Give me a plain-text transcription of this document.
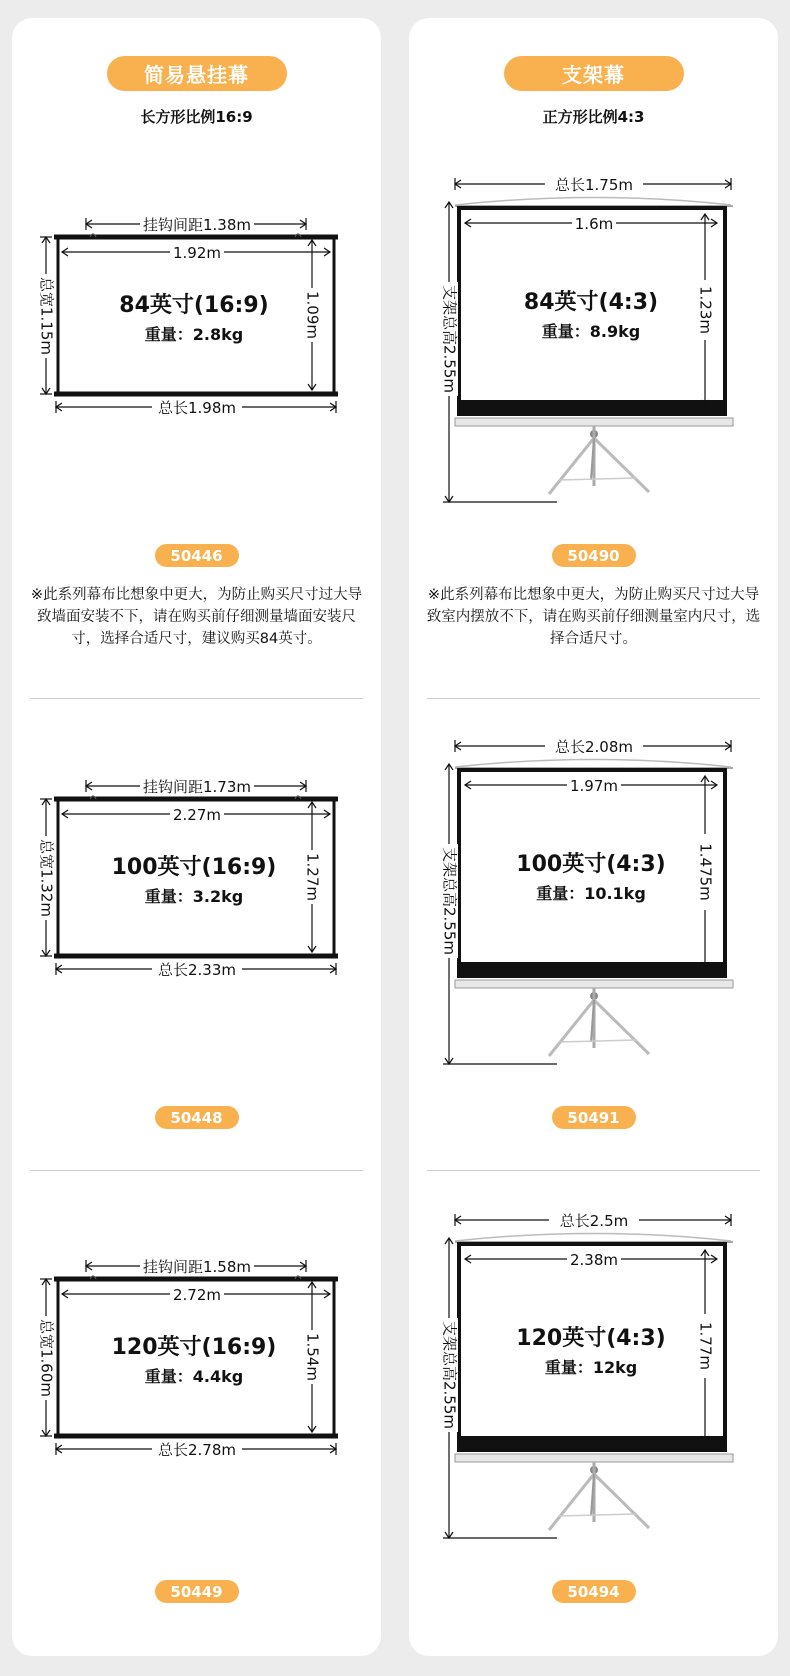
简易悬挂幕
长方形比例16:9
挂钩间距1.38m
1.92m
1.09m
总宽1.15m
总长1.98m
84英寸(16:9)
重量：2.8kg
50446
※此系列幕布比想象中更大，为防止购买尺寸过大导致墙面安装不下，请在购买前仔细测量墙面安装尺寸，选择合适尺寸，建议购买84英寸。
挂钩间距1.73m
2.27m
1.27m
总宽1.32m
总长2.33m
100英寸(16:9)
重量：3.2kg
50448
挂钩间距1.58m
2.72m
1.54m
总宽1.60m
总长2.78m
120英寸(16:9)
重量：4.4kg
50449
支架幕
正方形比例4:3
总长1.75m
1.6m
1.23m
支架总高2.55m	84英寸(4:3)
重量：8.9kg
50490
※此系列幕布比想象中更大，为防止购买尺寸过大导致室内摆放不下，请在购买前仔细测量室内尺寸，选择合适尺寸。
总长2.08m
1.97m
1.475m
支架总高2.55m	100英寸(4:3)
重量：10.1kg
50491
总长2.5m
2.38m
1.77m
支架总高2.55m	120英寸(4:3)
重量：12kg
50494
